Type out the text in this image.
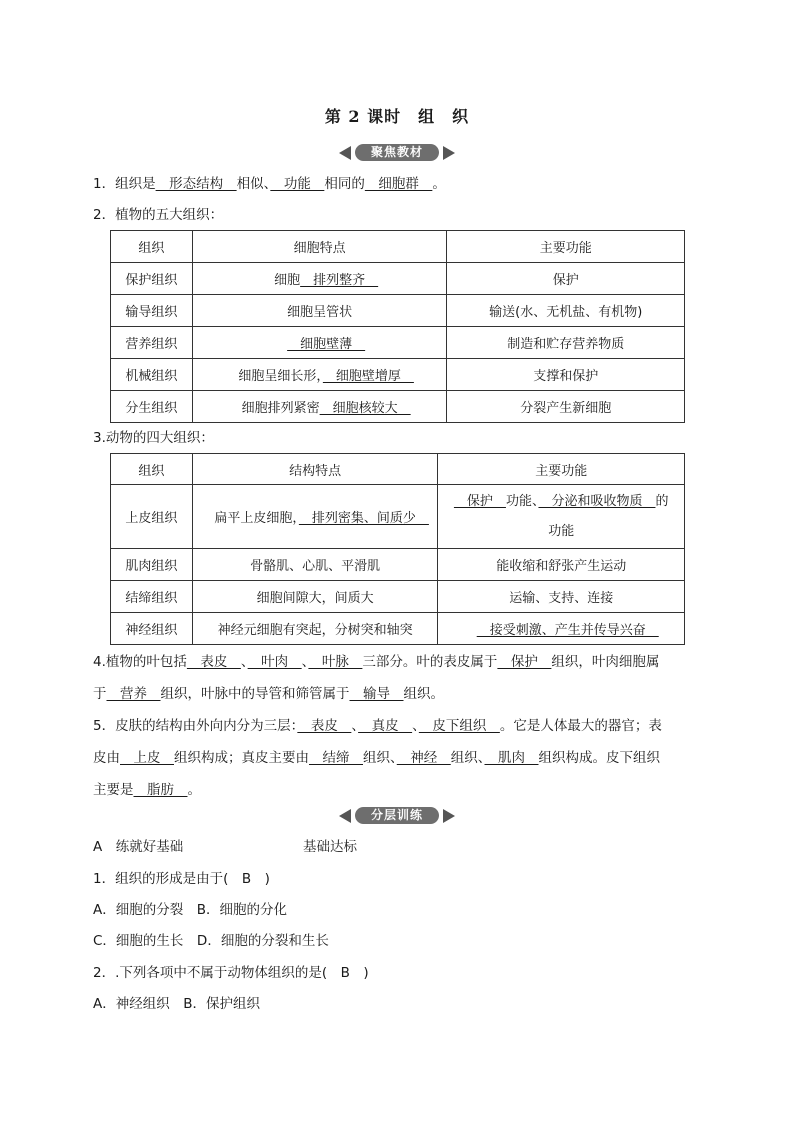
第 2 课时　组　织
聚焦教材
1．组织是　形态结构　相似、　功能　相同的　细胞群　。
2．植物的五大组织：
组织	细胞特点	主要功能
保护组织	细胞　排列整齐　	保护
输导组织	细胞呈管状	输送(水、无机盐、有机物)
营养组织	　细胞壁薄　	制造和贮存营养物质
机械组织	细胞呈细长形，　细胞壁增厚　	支撑和保护
分生组织	细胞排列紧密　细胞核较大　	分裂产生新细胞
3.动物的四大组织：
组织	结构特点	主要功能
上皮组织	扁平上皮细胞，　排列密集、间质少　	　保护　功能、　分泌和吸收物质　的
功能

肌肉组织	骨骼肌、心肌、平滑肌	能收缩和舒张产生运动
结缔组织	细胞间隙大，间质大	运输、支持、连接
神经组织	神经元细胞有突起，分树突和轴突	　接受刺激、产生并传导兴奋　
4.植物的叶包括　表皮　、　叶肉　、　叶脉　三部分。叶的表皮属于　保护　组织，叶肉细胞属
于　营养　组织，叶脉中的导管和筛管属于　输导　组织。
5．皮肤的结构由外向内分为三层：　表皮　、　真皮　、　皮下组织　。它是人体最大的器官；表
皮由　上皮　组织构成；真皮主要由　结缔　组织、　神经　组织、　肌肉　组织构成。皮下组织
主要是　脂肪　。
分层训练
A　练就好基础	基础达标
1．组织的形成是由于(　B　)
A．细胞的分裂　B．细胞的分化
C．细胞的生长　D．细胞的分裂和生长
2．.下列各项中不属于动物体组织的是(　B　)
A．神经组织　B．保护组织
